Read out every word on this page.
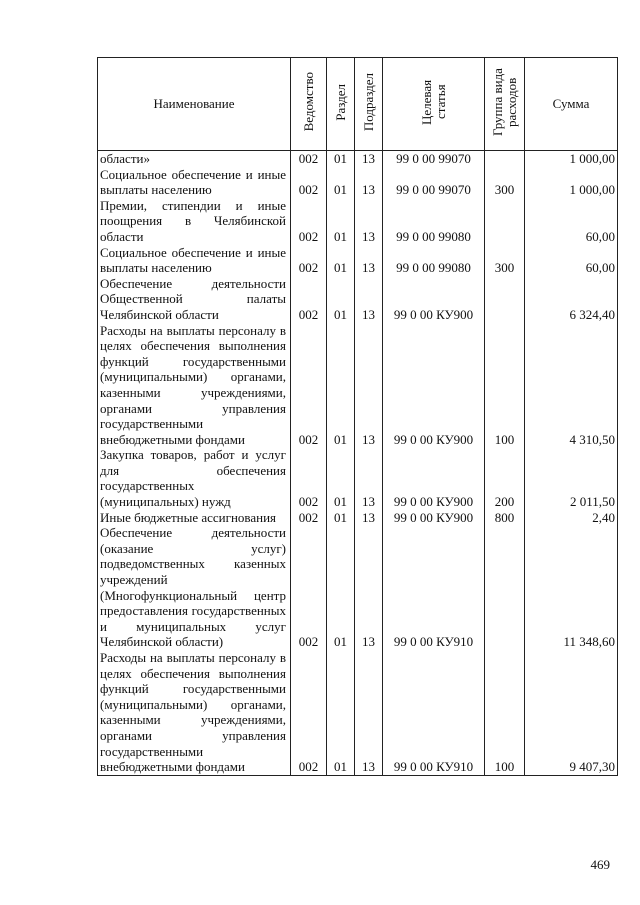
Наименование	Ведомство	Раздел	Подраздел	Целевая статья	Группа вида расходов	Сумма
области»	002	01	13	99 0 00 99070		1 000,00
Социальное обеспечение и иные выплаты населению	002	01	13	99 0 00 99070	300	1 000,00
Премии, стипендии и иные поощрения в Челябинской области	002	01	13	99 0 00 99080		60,00
Социальное обеспечение и иные выплаты населению	002	01	13	99 0 00 99080	300	60,00
Обеспечение деятельности Общественной палаты Челябинской области	002	01	13	99 0 00 КУ900		6 324,40
Расходы на выплаты персоналу в целях обеспечения выполнения функций государственными (муниципальными) органами, казенными учреждениями, органами управления государственными внебюджетными фондами	002	01	13	99 0 00 КУ900	100	4 310,50
Закупка товаров, работ и услуг для обеспечения государственных (муниципальных) нужд	002	01	13	99 0 00 КУ900	200	2 011,50
Иные бюджетные ассигнования	002	01	13	99 0 00 КУ900	800	2,40
Обеспечение деятельности (оказание услуг) подведомственных казенных учреждений (Многофункциональный центр предоставления государственных и муниципальных услуг Челябинской области)	002	01	13	99 0 00 КУ910		11 348,60
Расходы на выплаты персоналу в целях обеспечения выполнения функций государственными (муниципальными) органами, казенными учреждениями, органами управления государственными внебюджетными фондами	002	01	13	99 0 00 КУ910	100	9 407,30
469
